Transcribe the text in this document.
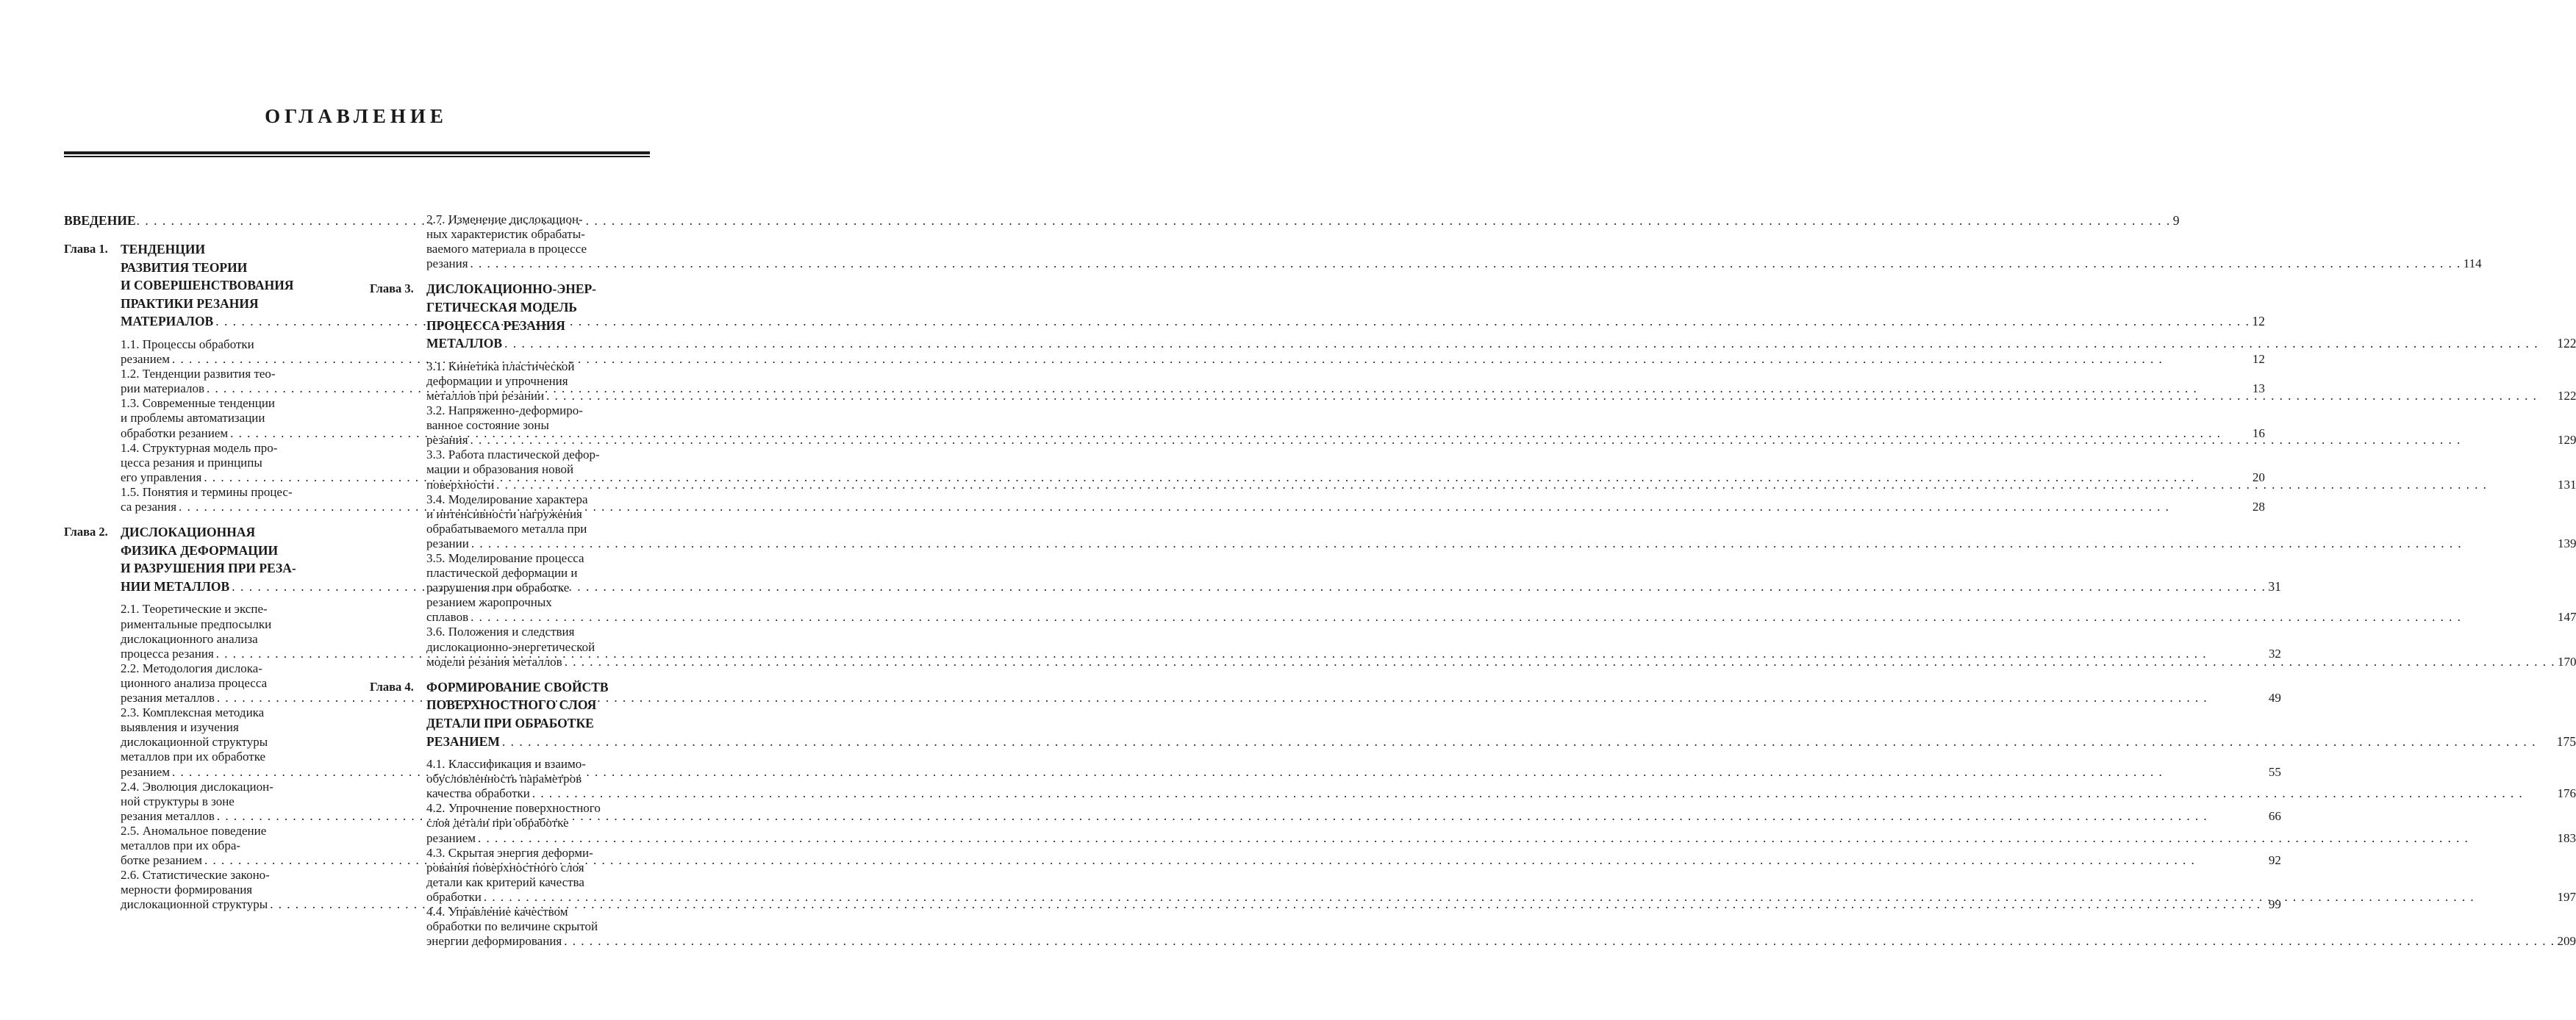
ОГЛАВЛЕНИЕ
ВВЕДЕНИЕ . . .	9
Глава 1. ТЕНДЕНЦИИ
РАЗВИТИЯ ТЕОРИИ
И СОВЕРШЕНСТВОВАНИЯ
ПРАКТИКИ РЕЗАНИЯ
МАТЕРИАЛОВ . . .	12
1.1. Процессы обработки
резанием . . .	12
1.2. Тенденции развития тео-
рии материалов . . .	13
1.3. Современные тенденции
и проблемы автоматизации
обработки резанием . . .	16
1.4. Структурная модель про-
цесса резания и принципы
его управления . . .	20
1.5. Понятия и термины процес-
са резания . . .	28
Глава 2. ДИСЛОКАЦИОННАЯ
ФИЗИКА ДЕФОРМАЦИИ
И РАЗРУШЕНИЯ ПРИ РЕЗА-
НИИ МЕТАЛЛОВ . . .	31
2.1. Теоретические и экспе-
риментальные предпосылки
дислокационного анализа
процесса резания . . .	32
2.2. Методология дислока-
ционного анализа процесса
резания металлов . . .	49
2.3. Комплексная методика
выявления и изучения
дислокационной структуры
металлов при их обработке
резанием . . .	55
2.4. Эволюция дислокацион-
ной структуры в зоне
резания металлов . . .	66
2.5. Аномальное поведение
металлов при их обра-
ботке резанием . . .	92
2.6. Статистические законо-
мерности формирования
дислокационной структуры . . .	99
2.7. Изменение дислокацион-
ных характеристик обрабаты-
ваемого материала в процессе
резания . . .	114
Глава 3. ДИСЛОКАЦИОННО-ЭНЕР-
ГЕТИЧЕСКАЯ МОДЕЛЬ
ПРОЦЕССА РЕЗАНИЯ
МЕТАЛЛОВ . . .	122
3.1. Кинетика пластической
деформации и упрочнения
металлов при резании . . .	122
3.2. Напряженно-деформиро-
ванное состояние зоны
резания . . .	129
3.3. Работа пластической дефор-
мации и образования новой
поверхности . . .	131
3.4. Моделирование характера
и интенсивности нагружения
обрабатываемого металла при
резании . . .	139
3.5. Моделирование процесса
пластической деформации и
разрушения при обработке
резанием жаропрочных
сплавов . . .	147
3.6. Положения и следствия
дислокационно-энергетической
модели резания металлов . . .	170
Глава 4. ФОРМИРОВАНИЕ СВОЙСТВ
ПОВЕРХНОСТНОГО СЛОЯ
ДЕТАЛИ ПРИ ОБРАБОТКЕ
РЕЗАНИЕМ . . .	175
4.1. Классификация и взаимо-
обусловленность параметров
качества обработки . . .	176
4.2. Упрочнение поверхностного
слоя детали при обработке
резанием . . .	183
4.3. Скрытая энергия деформи-
рования поверхностного слоя
детали как критерий качества
обработки . . .	197
4.4. Управление качеством
обработки по величине скрытой
энергии деформирования . . .	209
